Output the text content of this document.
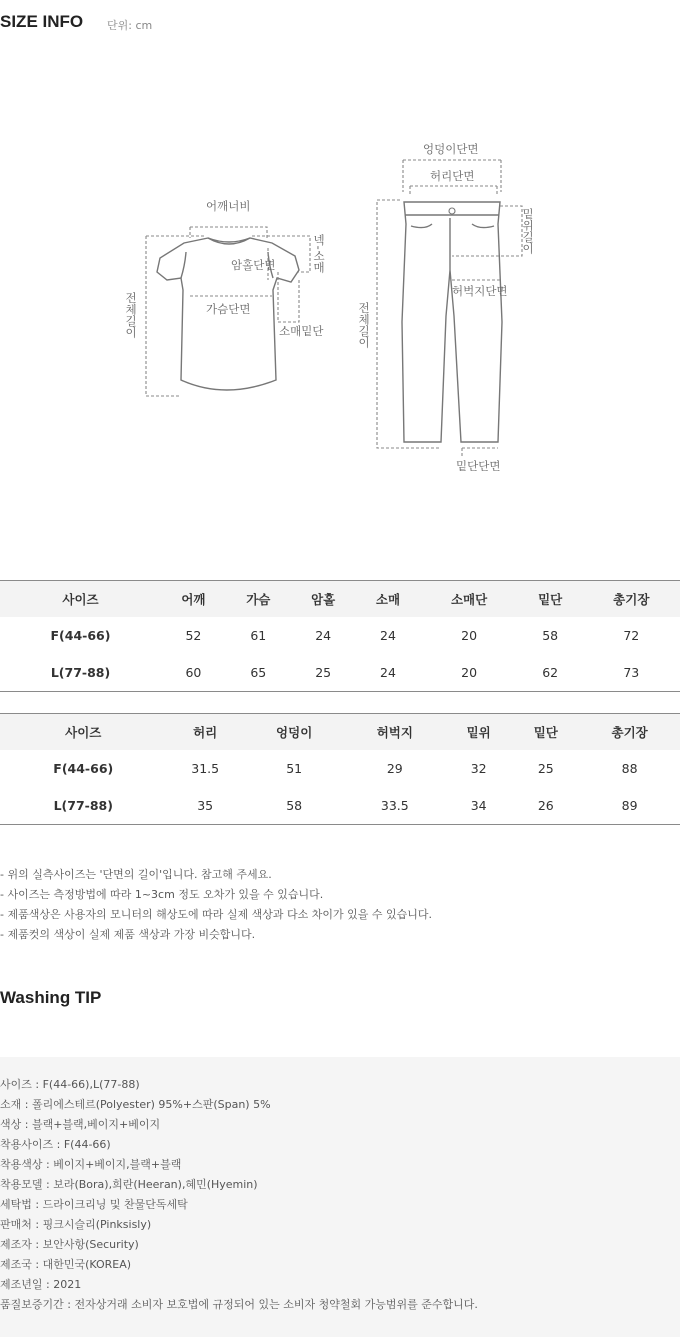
SIZE INFO 단위: cm
어깨너비
암홀단면
가슴단면
소매밑단
넥-소매
전체길이
엉덩이단면
허리단면
허벅지단면
밑단단면
밑위길이
전체길이
사이즈	어깨	가슴	암홀	소매	소매단	밑단	총기장
F(44-66)	52	61	24	24	20	58	72
L(77-88)	60	65	25	24	20	62	73
사이즈	허리	엉덩이	허벅지	밑위	밑단	총기장	
F(44-66)	31.5	51	29	32	25	88	
L(77-88)	35	58	33.5	34	26	89	
- 위의 실측사이즈는 '단면의 길이'입니다. 참고해 주세요.
- 사이즈는 측정방법에 따라 1~3cm 정도 오차가 있을 수 있습니다.
- 제품색상은 사용자의 모니터의 해상도에 따라 실제 색상과 다소 차이가 있을 수 있습니다.
- 제품컷의 색상이 실제 제품 색상과 가장 비슷합니다.
Washing TIP
사이즈 : F(44-66),L(77-88)
소재 : 폴리에스테르(Polyester) 95%+스판(Span) 5%
색상 : 블랙+블랙,베이지+베이지
착용사이즈 : F(44-66)
착용색상 : 베이지+베이지,블랙+블랙
착용모델 : 보라(Bora),희란(Heeran),혜민(Hyemin)
세탁법 : 드라이크리닝 및 찬물단독세탁
판매처 : 핑크시슬리(Pinksisly)
제조자 : 보안사항(Security)
제조국 : 대한민국(KOREA)
제조년일 : 2021
품질보증기간 : 전자상거래 소비자 보호법에 규정되어 있는 소비자 청약철회 가능범위를 준수합니다.
